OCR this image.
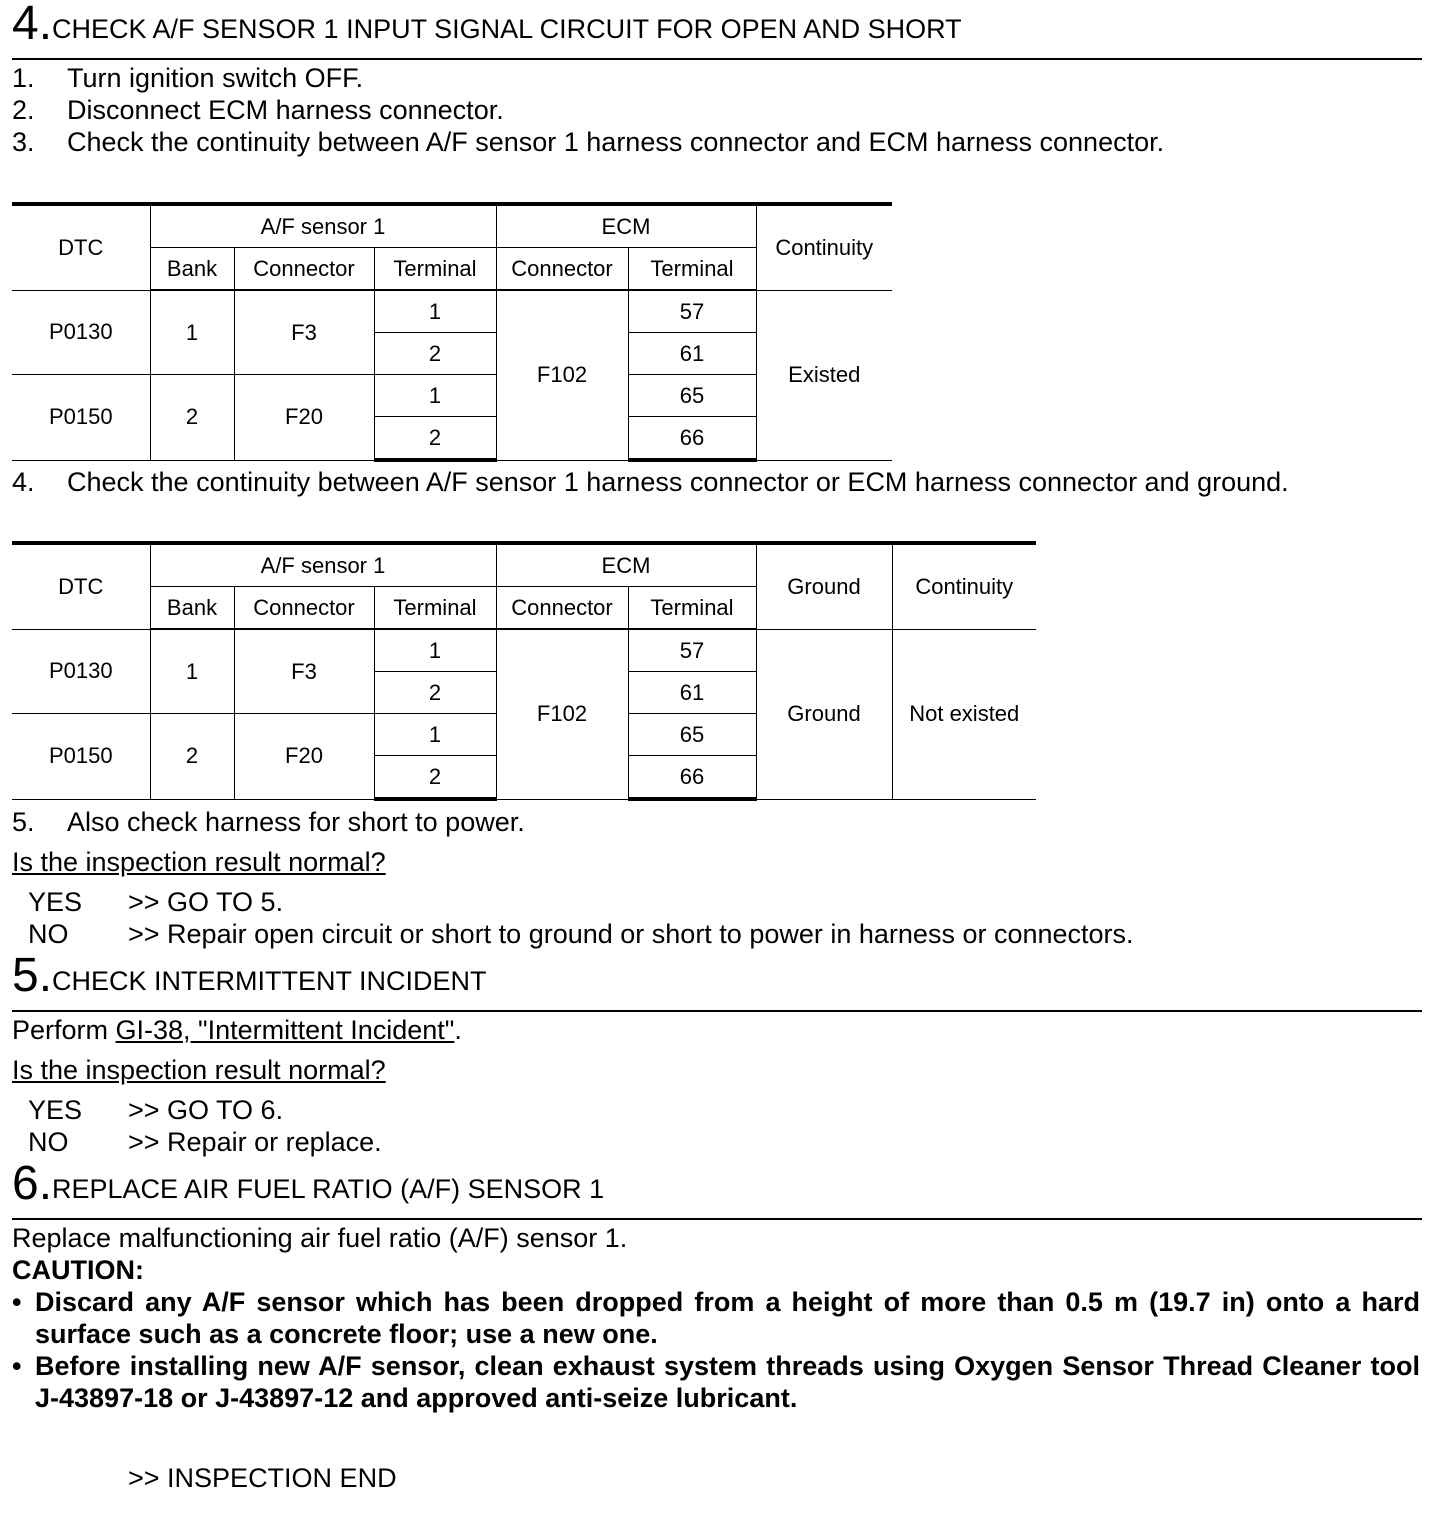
4. CHECK A/F SENSOR 1 INPUT SIGNAL CIRCUIT FOR OPEN AND SHORT
1. Turn ignition switch OFF.
2. Disconnect ECM harness connector.
3. Check the continuity between A/F sensor 1 harness connector and ECM harness connector.
DTC	A/F sensor 1			ECM		Continuity
	Bank	Connector	Terminal	Connector	Terminal	
P0130	1	F3	1	F102	57	Existed
			2		61	
P0150	2	F20	1		65	
			2		66	
4. Check the continuity between A/F sensor 1 harness connector or ECM harness connector and ground.
DTC	A/F sensor 1			ECM		Ground	Continuity
	Bank	Connector	Terminal	Connector	Terminal		
P0130	1	F3	1	F102	57	Ground	Not existed
			2		61		
P0150	2	F20	1		65		
			2		66		
5. Also check harness for short to power.
Is the inspection result normal?
YES >> GO TO 5.
NO >> Repair open circuit or short to ground or short to power in harness or connectors.
5. CHECK INTERMITTENT INCIDENT
Perform GI-38, "Intermittent Incident".
Is the inspection result normal?
YES >> GO TO 6.
NO >> Repair or replace.
6. REPLACE AIR FUEL RATIO (A/F) SENSOR 1
Replace malfunctioning air fuel ratio (A/F) sensor 1.
CAUTION:
• Discard any A/F sensor which has been dropped from a height of more than 0.5 m (19.7 in) onto a hard surface such as a concrete floor; use a new one.
• Before installing new A/F sensor, clean exhaust system threads using Oxygen Sensor Thread Cleaner tool J-43897-18 or J-43897-12 and approved anti-seize lubricant.
>> INSPECTION END
